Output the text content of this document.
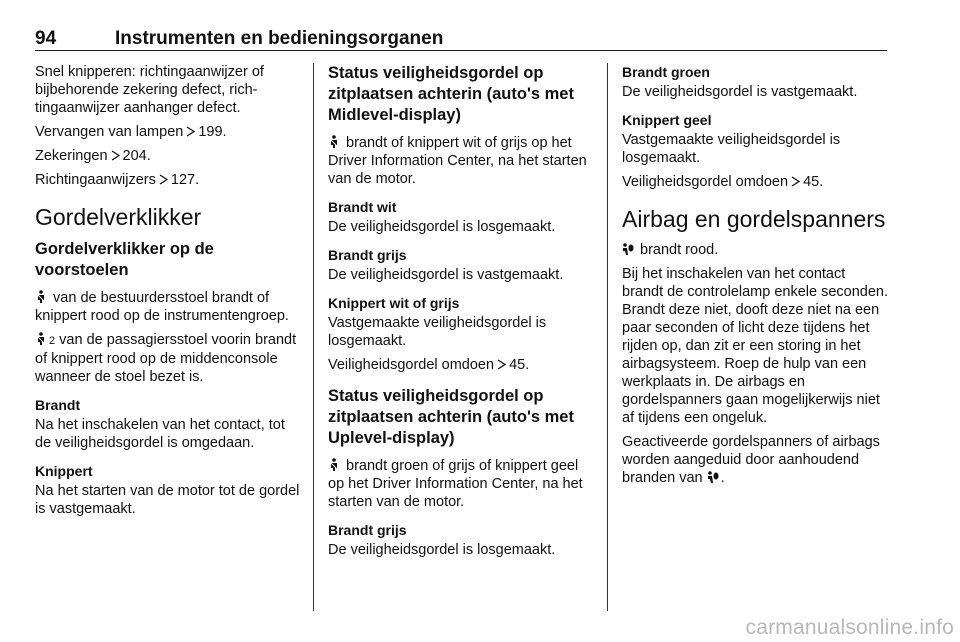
94	Instrumenten en bedieningsorganen

Snel knipperen: richtingaanwijzer of bijbehorende zekering defect, richtingaanwijzer aanhanger defect.

Vervangen van lampen 199.

Zekeringen 204.

Richtingaanwijzers 127.

Gordelverklikker
Gordelverklikker op de voorstoelen

van de bestuurdersstoel brandt of knippert rood op de instrumentengroep.

2 van de passagiersstoel voorin brandt of knippert rood op de middenconsole wanneer de stoel bezet is.

Brandt

Na het inschakelen van het contact, tot de veiligheidsgordel is omgedaan.

Knippert

Na het starten van de motor tot de gordel is vastgemaakt.

Status veiligheidsgordel op zitplaatsen achterin (auto's met Midlevel-display)

brandt of knippert wit of grijs op het Driver Information Center, na het starten van de motor.

Brandt wit

De veiligheidsgordel is losgemaakt.

Brandt grijs

De veiligheidsgordel is vastgemaakt.

Knippert wit of grijs

Vastgemaakte veiligheidsgordel is losgemaakt.

Veiligheidsgordel omdoen 45.

Status veiligheidsgordel op zitplaatsen achterin (auto's met Uplevel-display)

brandt groen of grijs of knippert geel op het Driver Information Center, na het starten van de motor.

Brandt grijs

De veiligheidsgordel is losgemaakt.

Brandt groen

De veiligheidsgordel is vastgemaakt.

Knippert geel

Vastgemaakte veiligheidsgordel is losgemaakt.

Veiligheidsgordel omdoen 45.

Airbag en gordelspanners

brandt rood.

Bij het inschakelen van het contact brandt de controlelamp enkele seconden. Brandt deze niet, dooft deze niet na een paar seconden of licht deze tijdens het rijden op, dan zit er een storing in het airbagsysteem. Roep de hulp van een werkplaats in. De airbags en gordelspanners gaan mogelijkerwijs niet af tijdens een ongeluk.

Geactiveerde gordelspanners of airbags worden aangeduid door aanhoudend branden van .

carmanualsonline.info
